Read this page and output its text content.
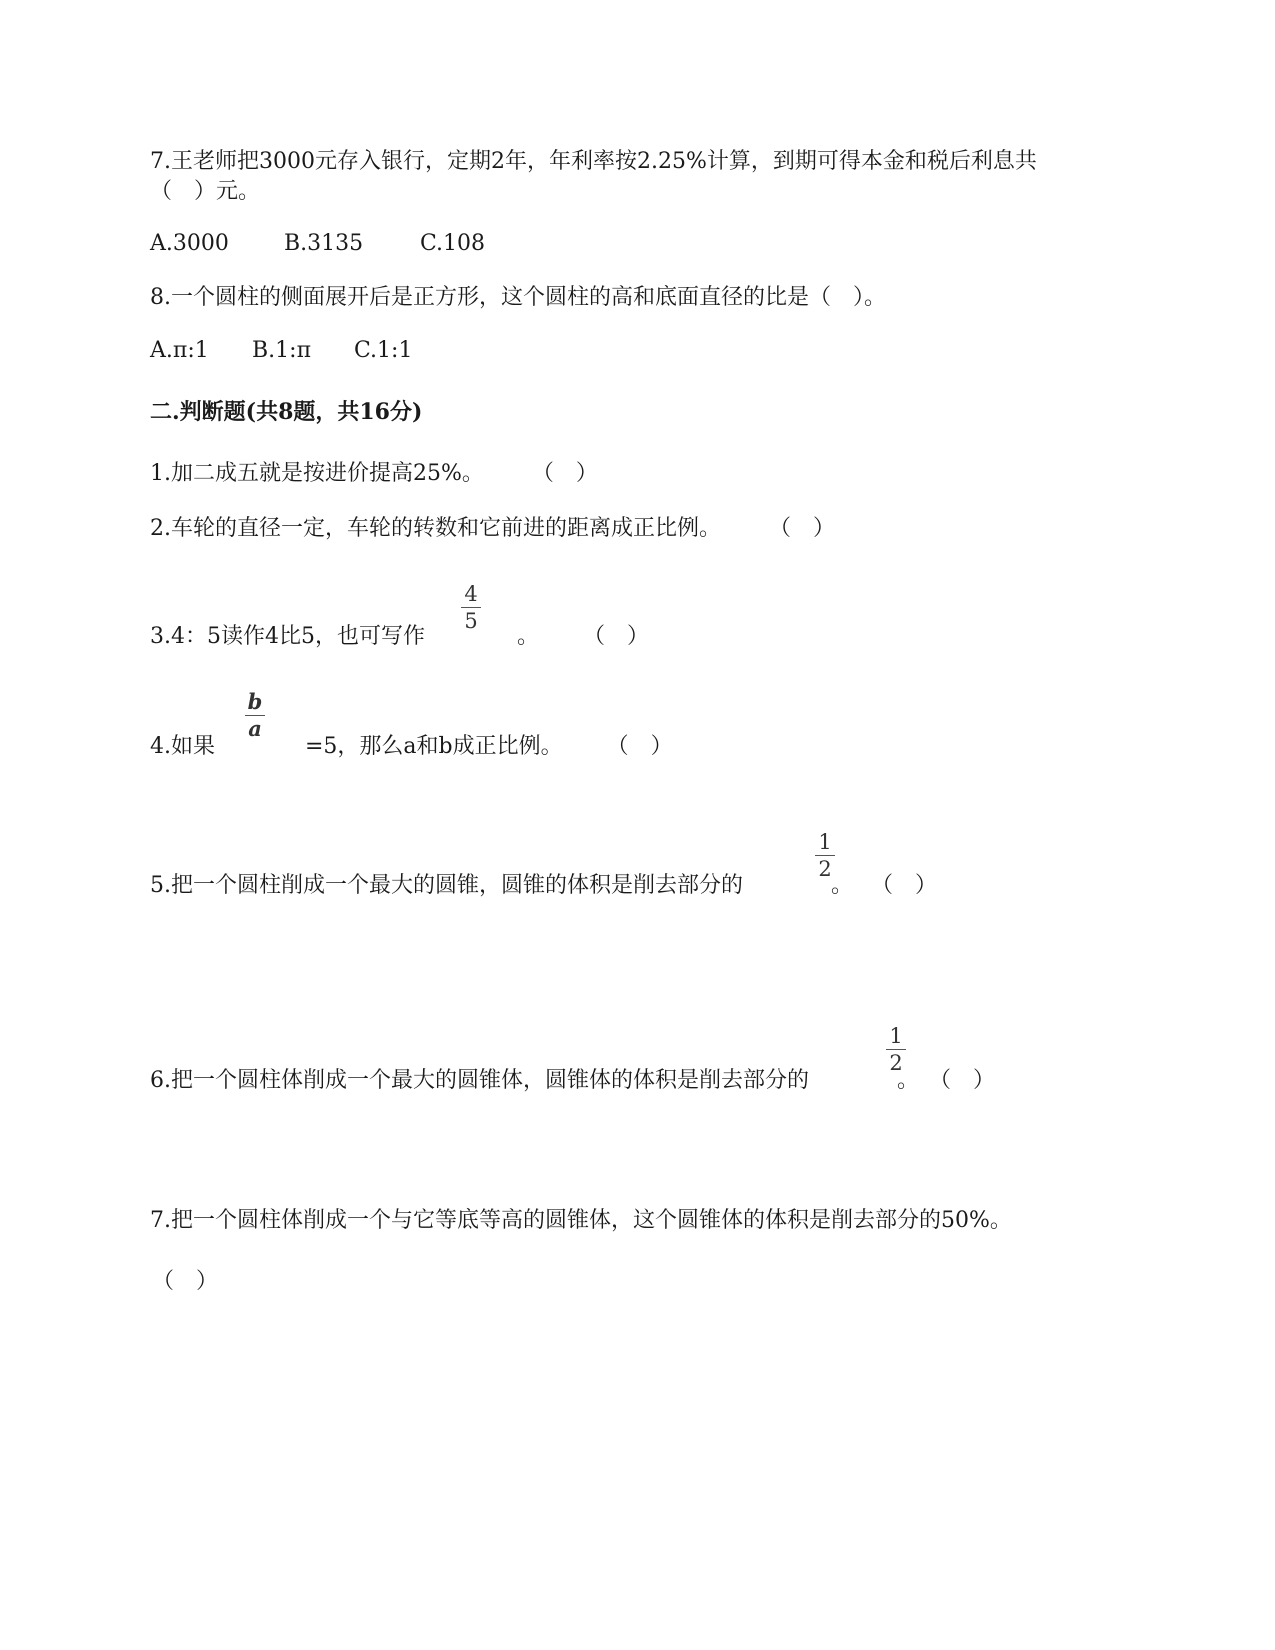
7.王老师把3000元存入银行，定期2年，年利率按2.25%计算，到期可得本金和税后利息共
（　）元。
A.3000	B.3135	C.108
8.一个圆柱的侧面展开后是正方形，这个圆柱的高和底面直径的比是（　）。
A.π:1 B.1:π C.1:1
二.判断题(共8题，共16分)
1.加二成五就是按进价提高25%。 （　）
2.车轮的直径一定，车轮的转数和它前进的距离成正比例。 （　）
4
5
3.4：5读作4比5，也可写作	。 （　）
b
a
4.如果	=5，那么a和b成正比例。 （　）
1
2
5.把一个圆柱削成一个最大的圆锥，圆锥的体积是削去部分的	。 （　）
1
2
6.把一个圆柱体削成一个最大的圆锥体，圆锥体的体积是削去部分的	。 （　）
7.把一个圆柱体削成一个与它等底等高的圆锥体，这个圆锥体的体积是削去部分的50%。
（　）
